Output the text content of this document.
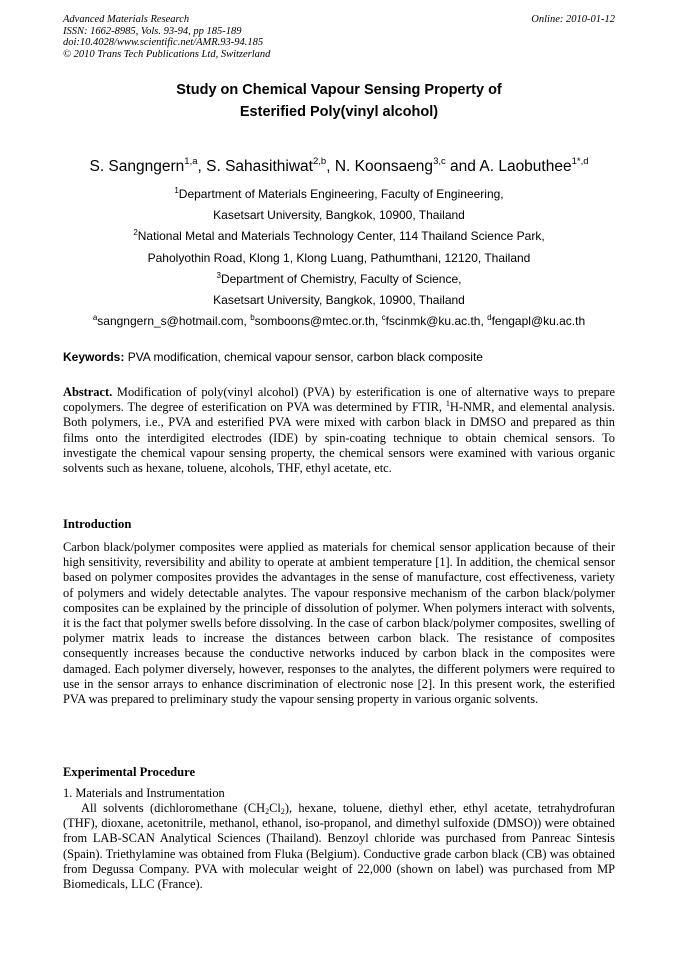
Advanced Materials Research
ISSN: 1662-8985, Vols. 93-94, pp 185-189
doi:10.4028/www.scientific.net/AMR.93-94.185
© 2010 Trans Tech Publications Ltd, Switzerland
Online: 2010-01-12
Study on Chemical Vapour Sensing Property of
Esterified Poly(vinyl alcohol)
S. Sangngern$^{1,a}$, S. Sahasithiwat$^{2,b}$, N. Koonsaeng$^{3,c}$ and A. Laobuthee$^{1*,d}$
$^1$Department of Materials Engineering, Faculty of Engineering,
Kasetsart University, Bangkok, 10900, Thailand
$^2$National Metal and Materials Technology Center, 114 Thailand Science Park,
Paholyothin Road, Klong 1, Klong Luang, Pathumthani, 12120, Thailand
$^3$Department of Chemistry, Faculty of Science,
Kasetsart University, Bangkok, 10900, Thailand
$^a$sangngern_s@hotmail.com, $^b$somboons@mtec.or.th, $^c$fscinmk@ku.ac.th, $^d$fengapl@ku.ac.th
Keywords: PVA modification, chemical vapour sensor, carbon black composite
Abstract. Modification of poly(vinyl alcohol) (PVA) by esterification is one of alternative ways to prepare copolymers. The degree of esterification on PVA was determined by FTIR, $^1$H-NMR, and elemental analysis. Both polymers, i.e., PVA and esterified PVA were mixed with carbon black in DMSO and prepared as thin films onto the interdigited electrodes (IDE) by spin-coating technique to obtain chemical sensors. To investigate the chemical vapour sensing property, the chemical sensors were examined with various organic solvents such as hexane, toluene, alcohols, THF, ethyl acetate, etc.
Introduction
Carbon black/polymer composites were applied as materials for chemical sensor application because of their high sensitivity, reversibility and ability to operate at ambient temperature [1]. In addition, the chemical sensor based on polymer composites provides the advantages in the sense of manufacture, cost effectiveness, variety of polymers and widely detectable analytes. The vapour responsive mechanism of the carbon black/polymer composites can be explained by the principle of dissolution of polymer. When polymers interact with solvents, it is the fact that polymer swells before dissolving. In the case of carbon black/polymer composites, swelling of polymer matrix leads to increase the distances between carbon black. The resistance of composites consequently increases because the conductive networks induced by carbon black in the composites were damaged. Each polymer diversely, however, responses to the analytes, the different polymers were required to use in the sensor arrays to enhance discrimination of electronic nose [2]. In this present work, the esterified PVA was prepared to preliminary study the vapour sensing property in various organic solvents.
Experimental Procedure
1. Materials and Instrumentation
All solvents (dichloromethane $(CH_2Cl_2)$, hexane, toluene, diethyl ether, ethyl acetate, tetrahydrofuran (THF), dioxane, acetonitrile, methanol, ethanol, iso-propanol, and dimethyl sulfoxide (DMSO)) were obtained from LAB-SCAN Analytical Sciences (Thailand). Benzoyl chloride was purchased from Panreac Sintesis (Spain). Triethylamine was obtained from Fluka (Belgium). Conductive grade carbon black (CB) was obtained from Degussa Company. PVA with molecular weight of 22,000 (shown on label) was purchased from MP Biomedicals, LLC (France).
